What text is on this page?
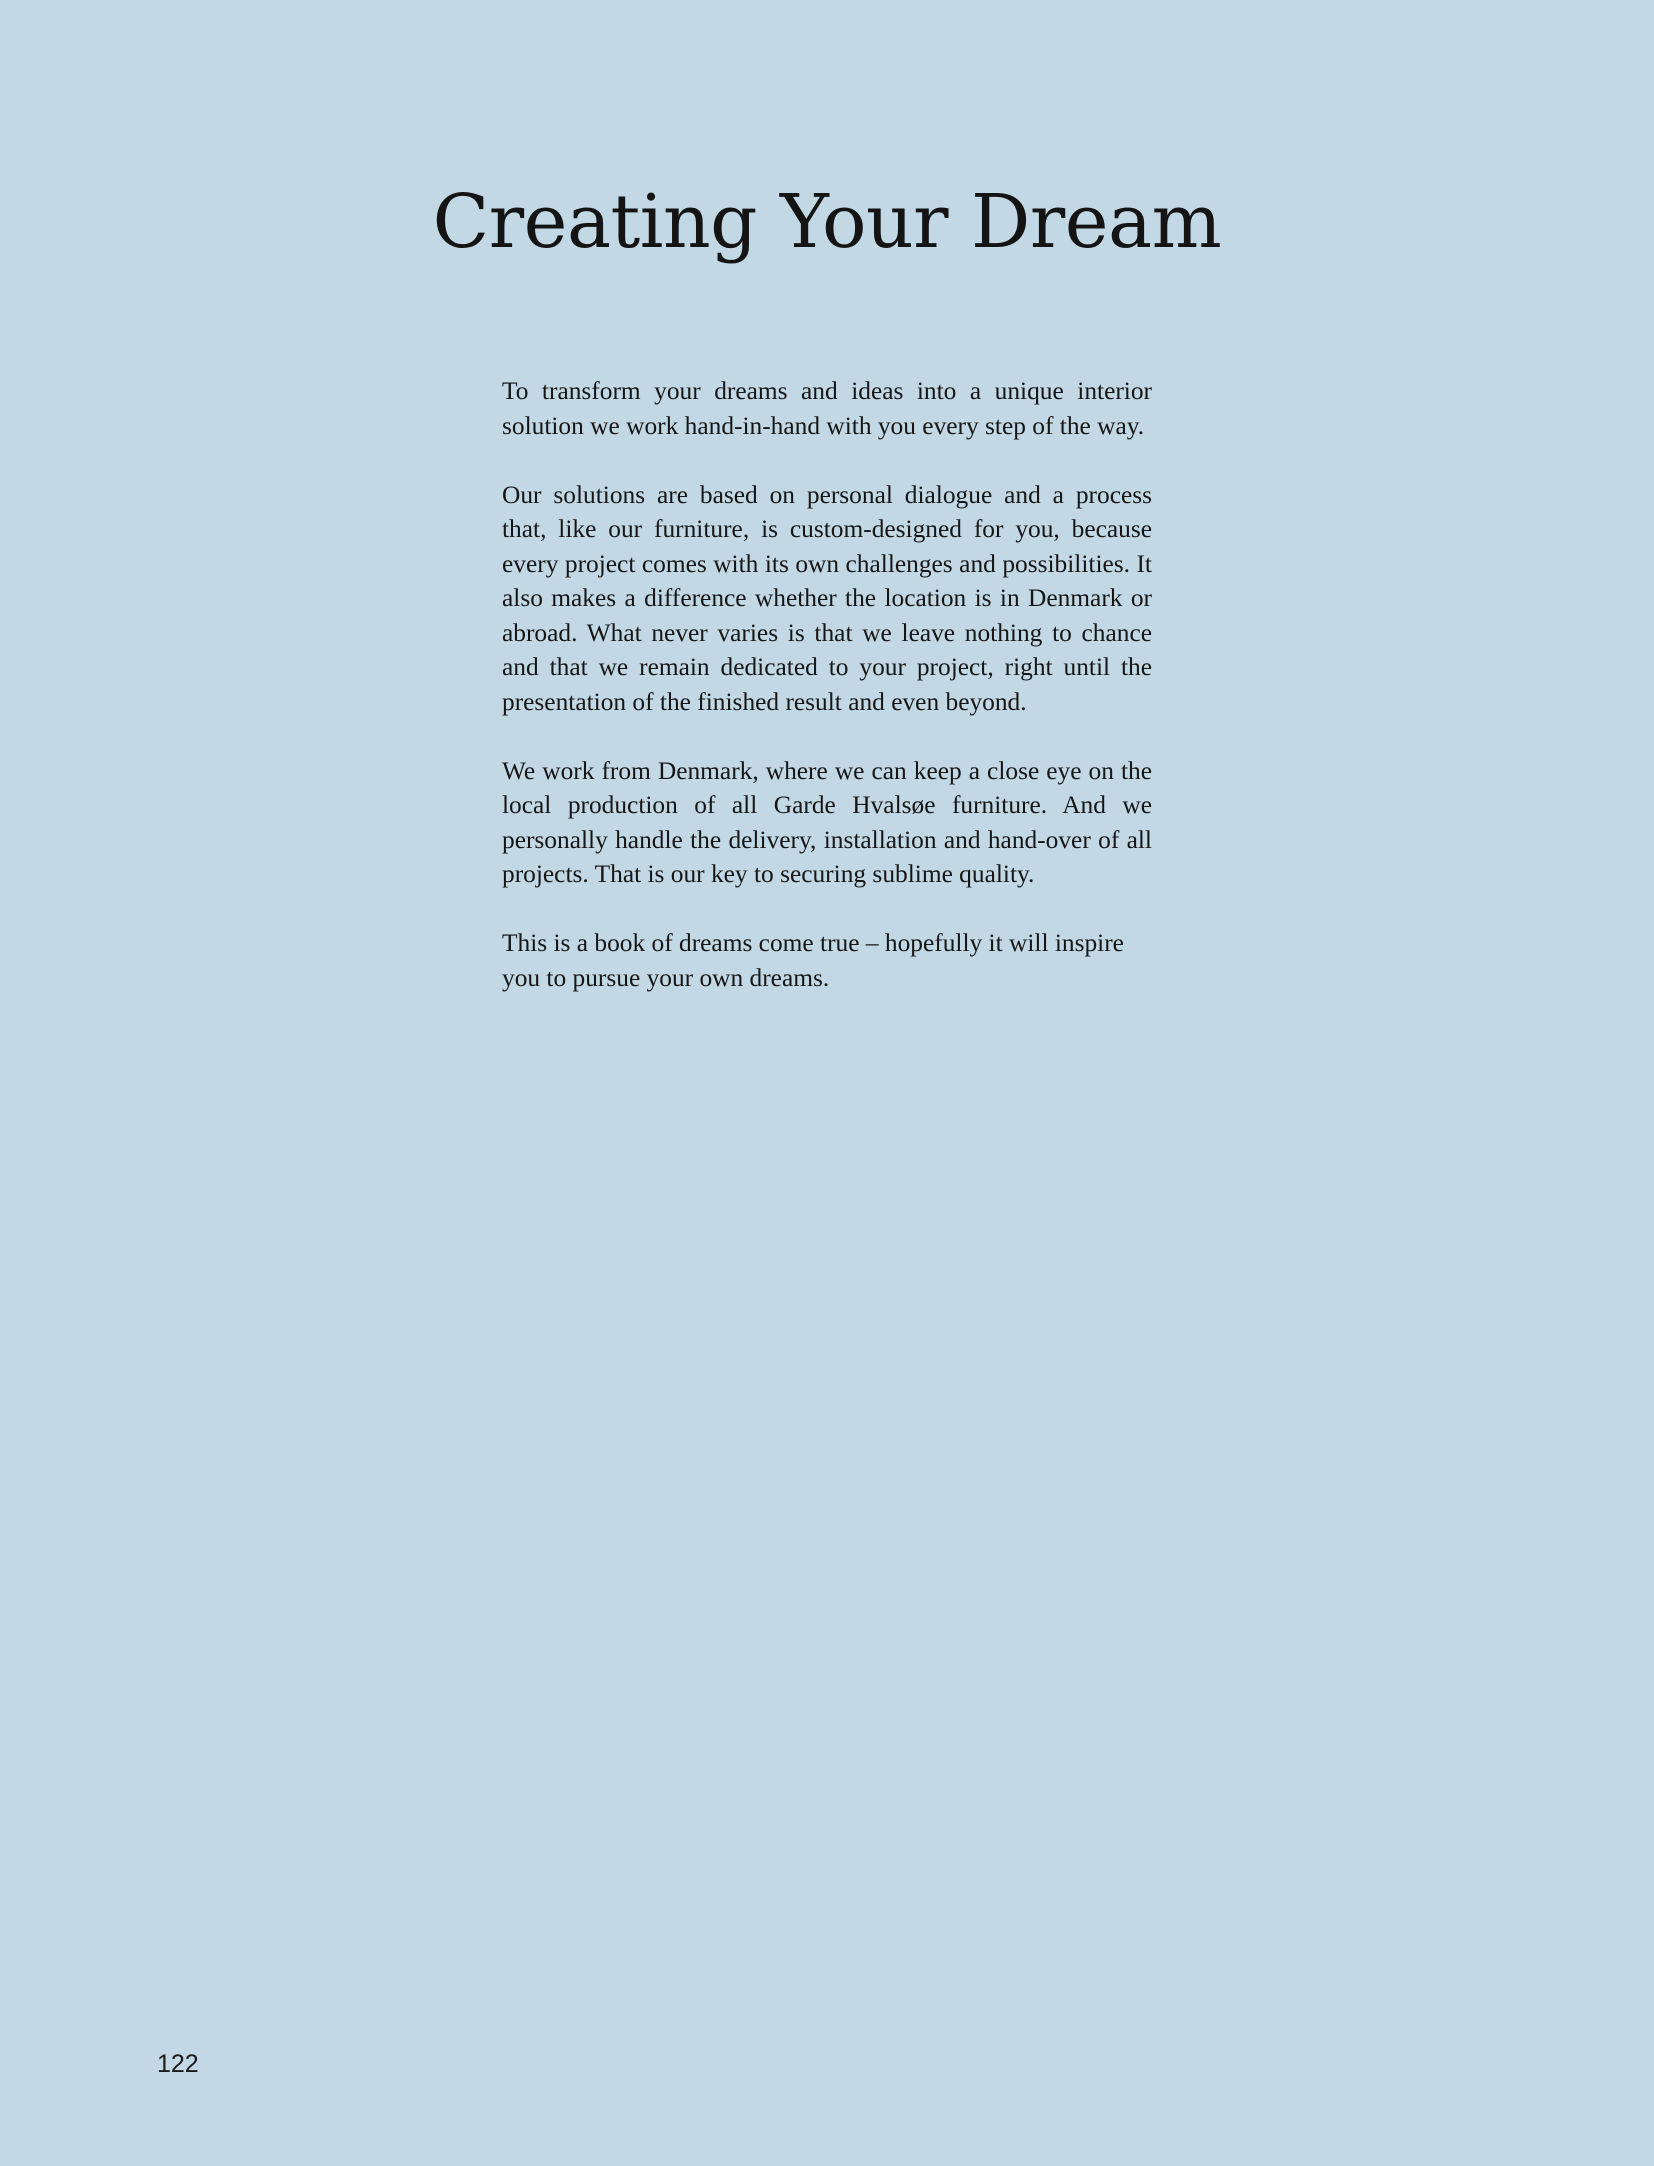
Creating Your Dream

To transform your dreams and ideas into a unique interior solution we work hand-in-hand with you every step of the way.

Our solutions are based on personal dialogue and a process that, like our furniture, is custom-designed for you, because every project comes with its own challenges and possibilities. It also makes a difference whether the location is in Denmark or abroad. What never varies is that we leave nothing to chance and that we remain dedicated to your project, right until the presentation of the finished result and even beyond.

We work from Denmark, where we can keep a close eye on the local production of all Garde Hvalsøe furniture. And we personally handle the delivery, installation and hand-over of all projects. That is our key to securing sublime quality.

This is a book of dreams come true – hopefully it will inspire you to pursue your own dreams.

122
